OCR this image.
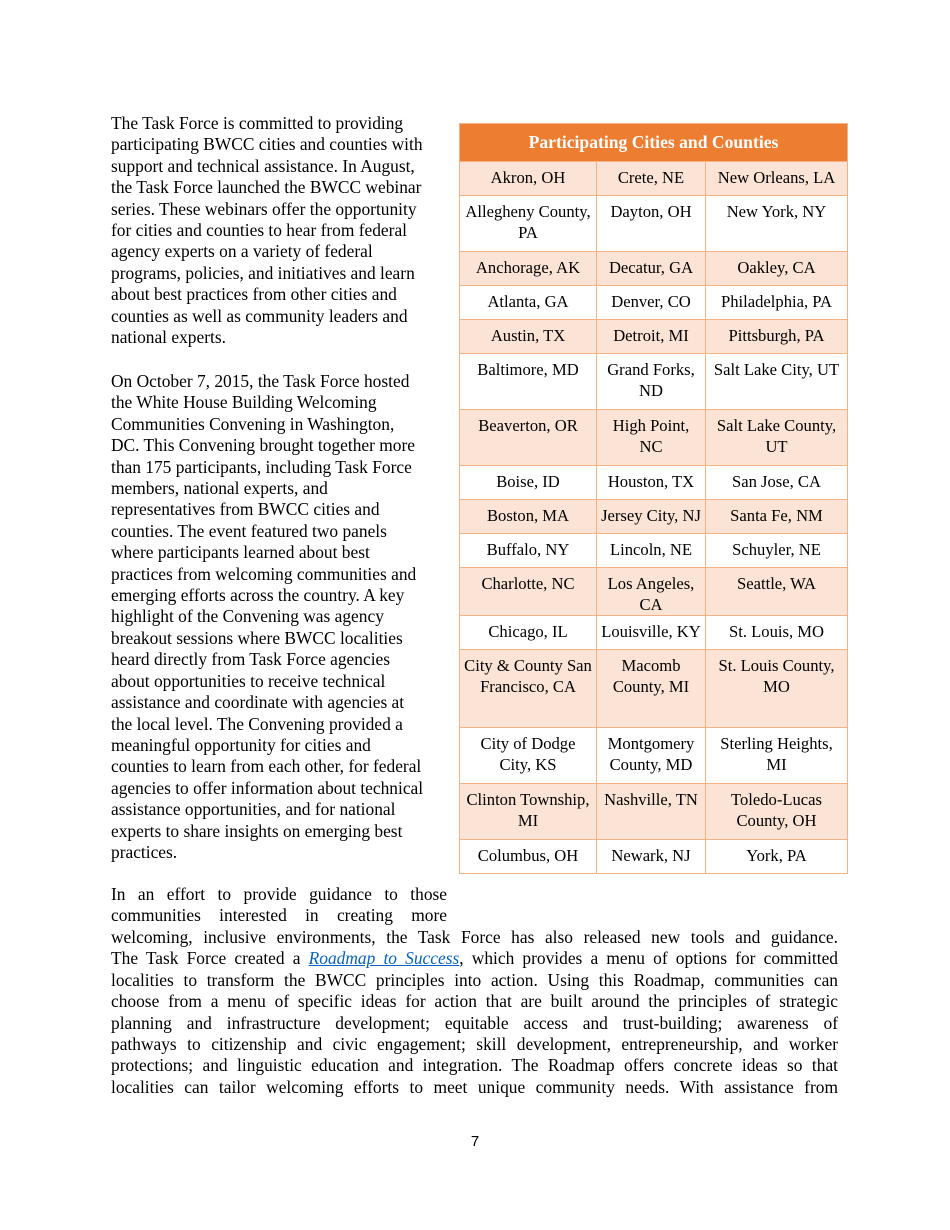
The Task Force is committed to providing
participating BWCC cities and counties with
support and technical assistance. In August,
the Task Force launched the BWCC webinar
series. These webinars offer the opportunity
for cities and counties to hear from federal
agency experts on a variety of federal
programs, policies, and initiatives and learn
about best practices from other cities and
counties as well as community leaders and
national experts.

On October 7, 2015, the Task Force hosted
the White House Building Welcoming
Communities Convening in Washington,
DC. This Convening brought together more
than 175 participants, including Task Force
members, national experts, and
representatives from BWCC cities and
counties. The event featured two panels
where participants learned about best
practices from welcoming communities and
emerging efforts across the country. A key
highlight of the Convening was agency
breakout sessions where BWCC localities
heard directly from Task Force agencies
about opportunities to receive technical
assistance and coordinate with agencies at
the local level. The Convening provided a
meaningful opportunity for cities and
counties to learn from each other, for federal
agencies to offer information about technical
assistance opportunities, and for national
experts to share insights on emerging best
practices.

In an effort to provide guidance to those
communities interested in creating more

welcoming, inclusive environments, the Task Force has also released new tools and guidance.
The Task Force created a Roadmap to Success, which provides a menu of options for committed
localities to transform the BWCC principles into action. Using this Roadmap, communities can
choose from a menu of specific ideas for action that are built around the principles of strategic
planning and infrastructure development; equitable access and trust-building; awareness of
pathways to citizenship and civic engagement; skill development, entrepreneurship, and worker
protections; and linguistic education and integration. The Roadmap offers concrete ideas so that
localities can tailor welcoming efforts to meet unique community needs. With assistance from

Participating Cities and Counties		
Akron, OH	Crete, NE	New Orleans, LA
Allegheny County, PA	Dayton, OH	New York, NY
Anchorage, AK	Decatur, GA	Oakley, CA
Atlanta, GA	Denver, CO	Philadelphia, PA
Austin, TX	Detroit, MI	Pittsburgh, PA
Baltimore, MD	Grand Forks, ND	Salt Lake City, UT
Beaverton, OR	High Point, NC	Salt Lake County, UT
Boise, ID	Houston, TX	San Jose, CA
Boston, MA	Jersey City, NJ	Santa Fe, NM
Buffalo, NY	Lincoln, NE	Schuyler, NE
Charlotte, NC	Los Angeles, CA	Seattle, WA
Chicago, IL	Louisville, KY	St. Louis, MO
City & County San Francisco, CA	Macomb County, MI	St. Louis County, MO
City of Dodge City, KS	Montgomery County, MD	Sterling Heights, MI
Clinton Township, MI	Nashville, TN	Toledo-Lucas County, OH
Columbus, OH	Newark, NJ	York, PA
7
